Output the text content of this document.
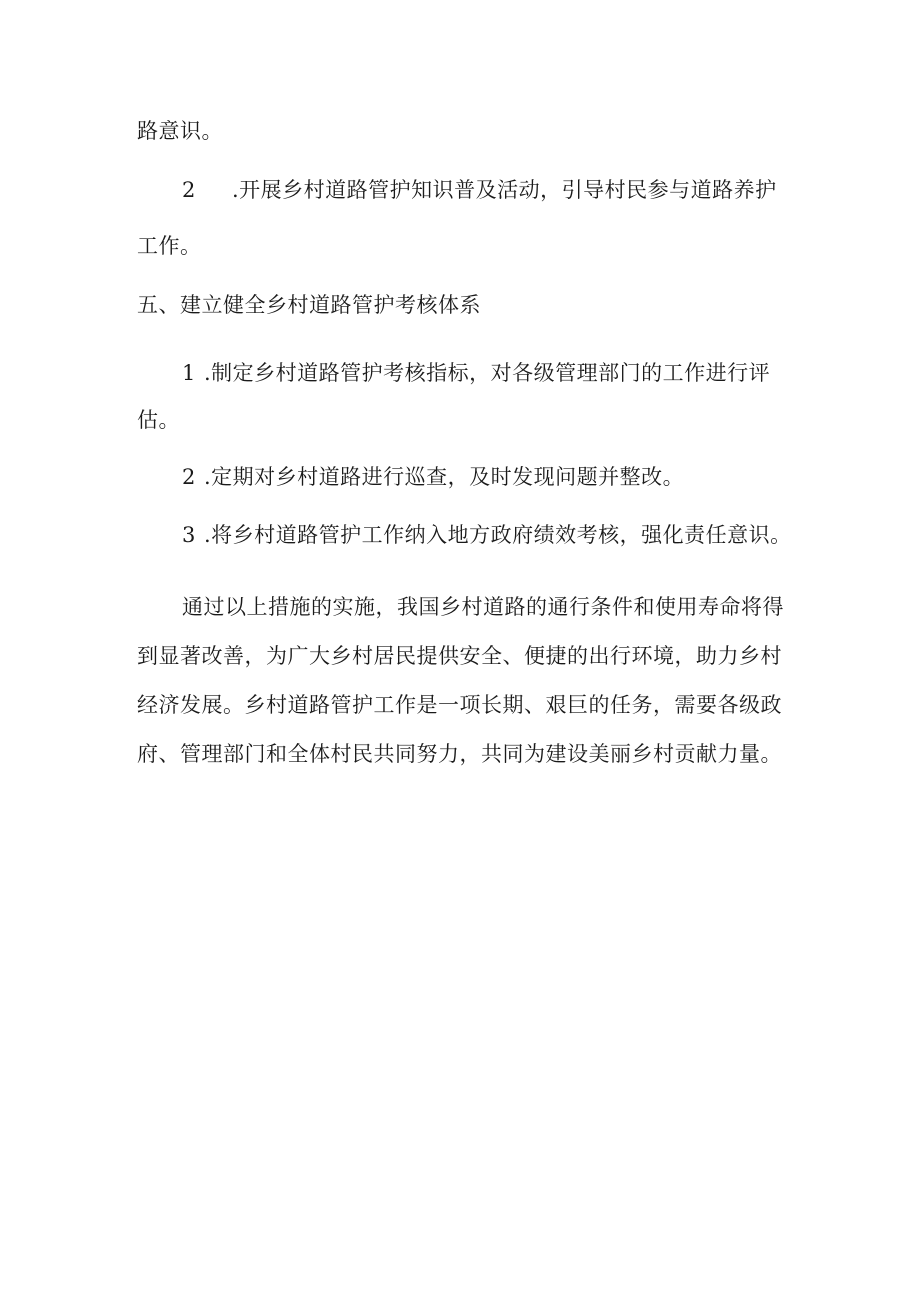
路意识。
2 .开展乡村道路管护知识普及活动，引导村民参与道路养护
工作。
五、建立健全乡村道路管护考核体系
1 .制定乡村道路管护考核指标，对各级管理部门的工作进行评
估。
2 .定期对乡村道路进行巡查，及时发现问题并整改。
3 .将乡村道路管护工作纳入地方政府绩效考核，强化责任意识。
通过以上措施的实施，我国乡村道路的通行条件和使用寿命将得
到显著改善，为广大乡村居民提供安全、便捷的出行环境，助力乡村
经济发展。乡村道路管护工作是一项长期、艰巨的任务，需要各级政
府、管理部门和全体村民共同努力，共同为建设美丽乡村贡献力量。
